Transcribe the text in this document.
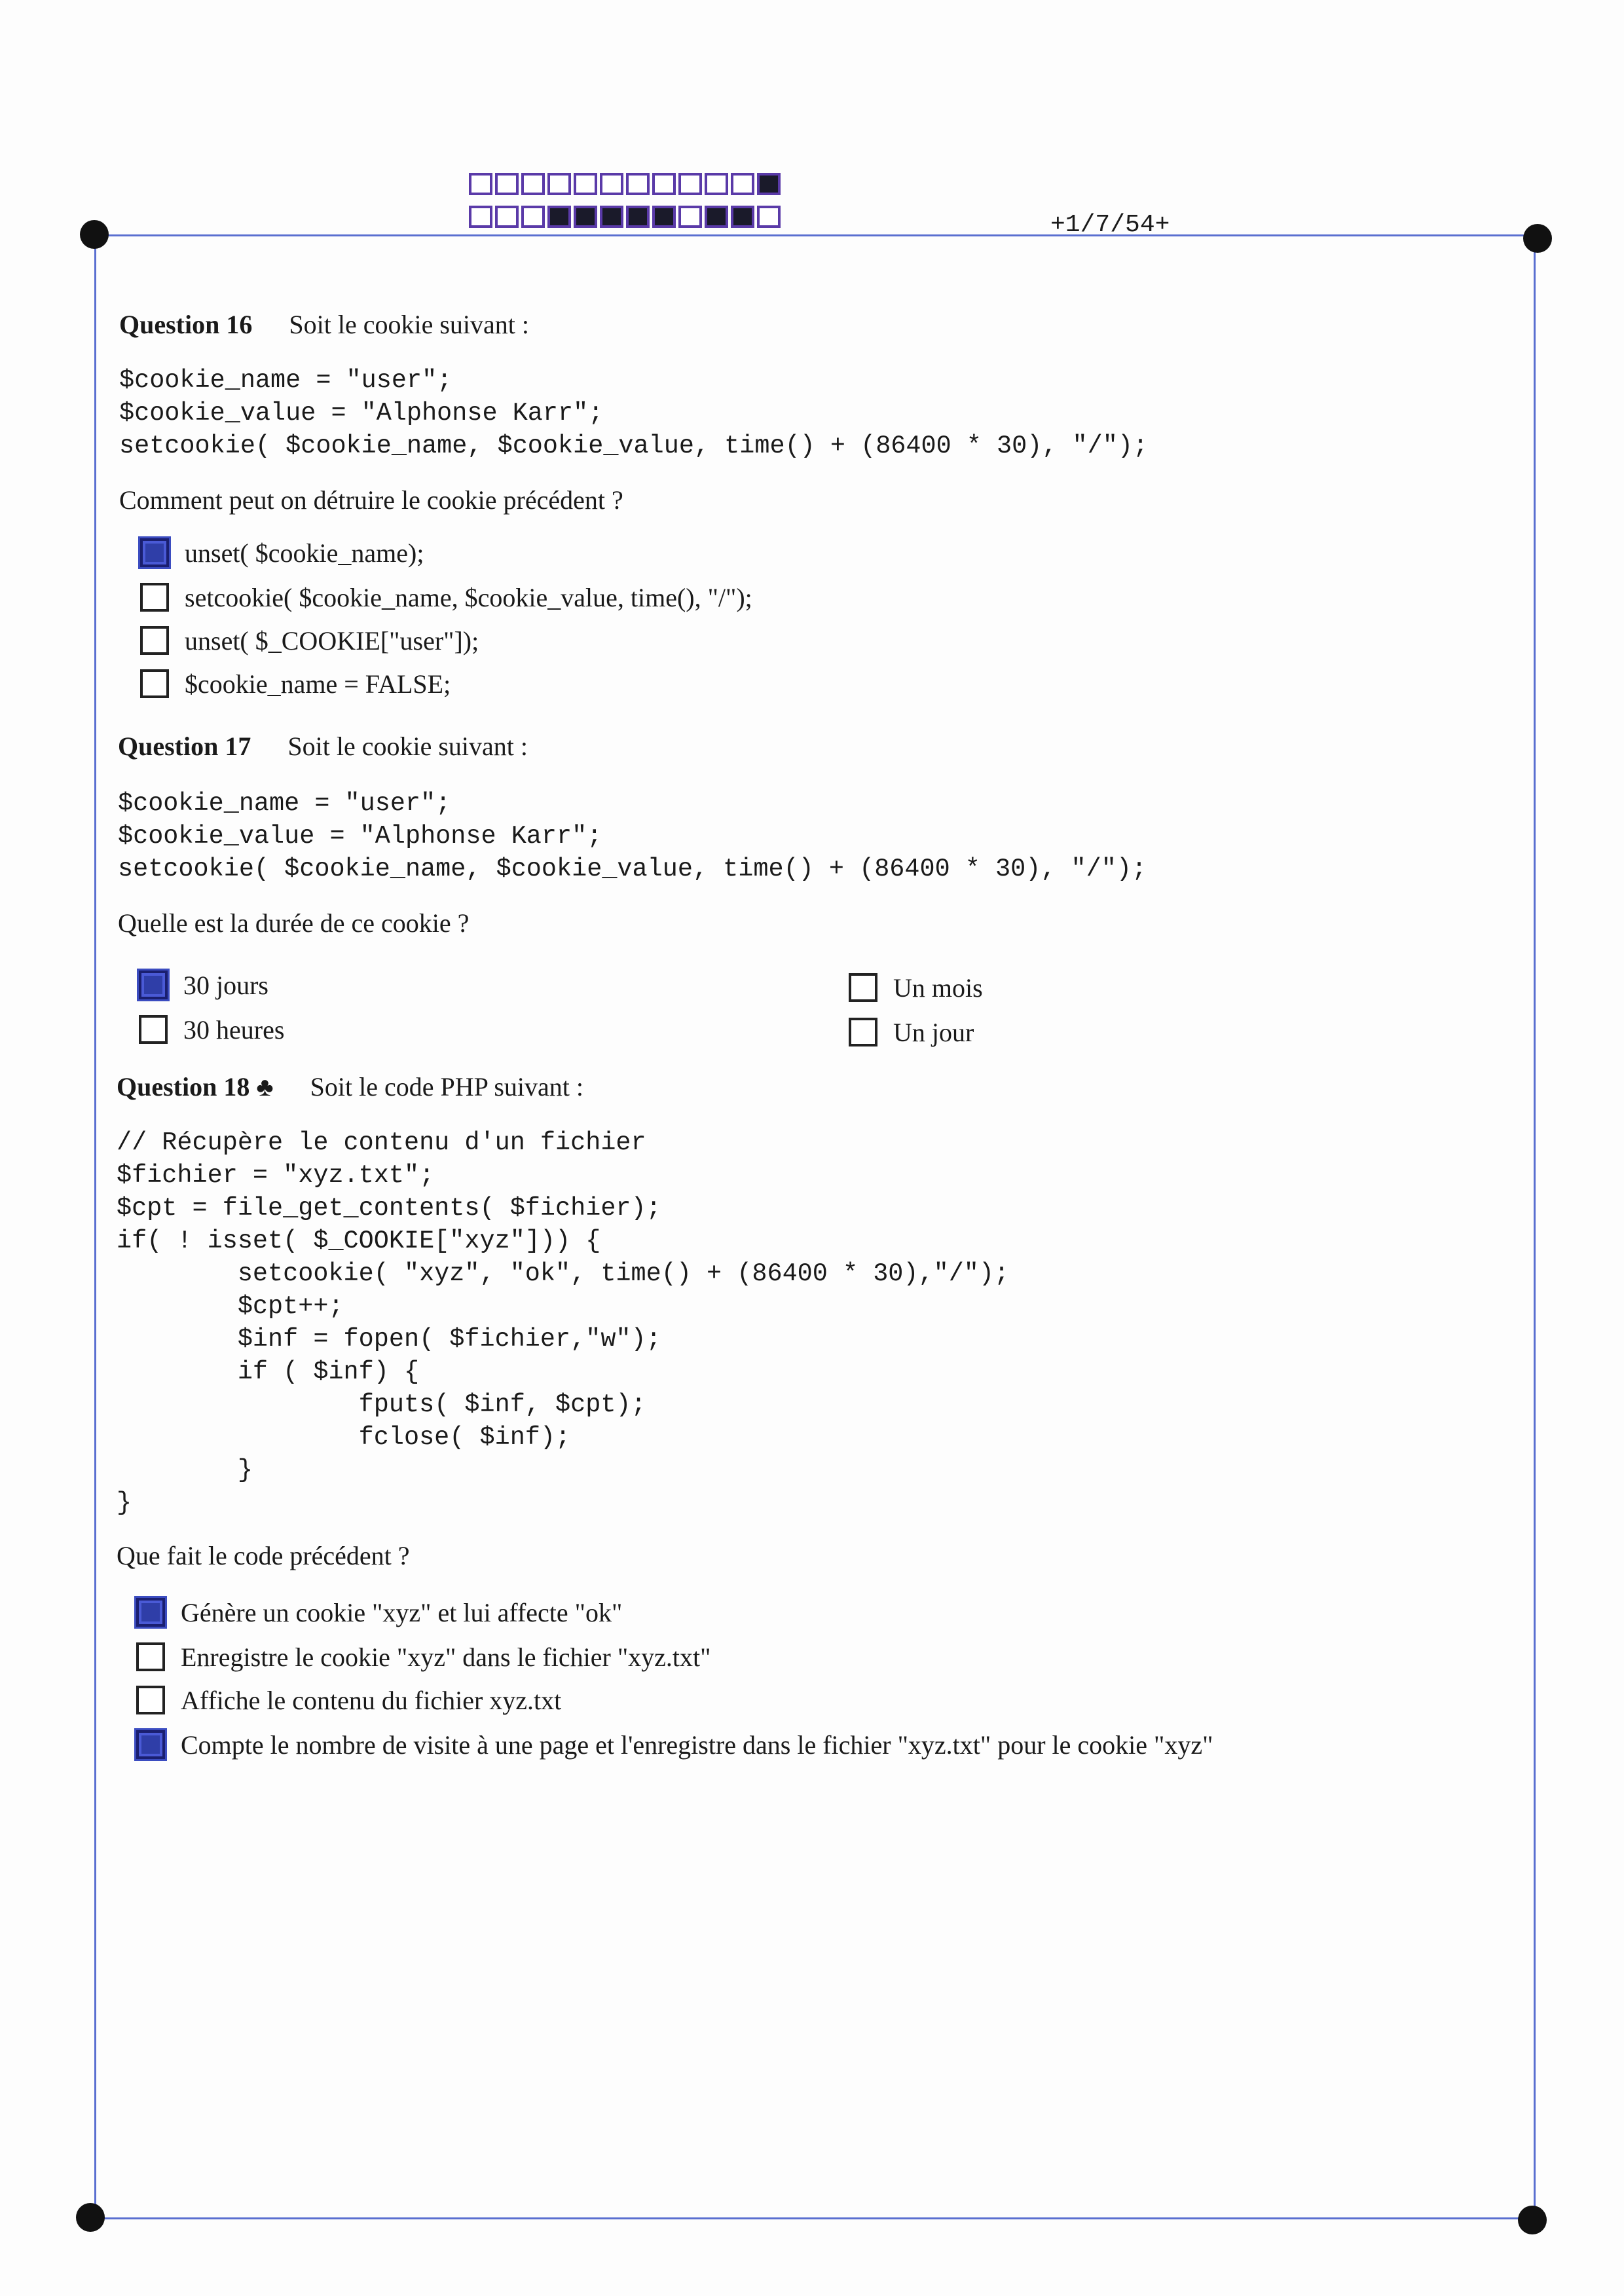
+1/7/54+
Question 16 Soit le cookie suivant :
$cookie_name = "user";
$cookie_value = "Alphonse Karr";
setcookie( $cookie_name, $cookie_value, time() + (86400 * 30), "/");
Comment peut on détruire le cookie précédent ?
unset( $cookie_name);
setcookie( $cookie_name, $cookie_value, time(), "/");
unset( $_COOKIE["user"]);
$cookie_name = FALSE;
Question 17 Soit le cookie suivant :
$cookie_name = "user";
$cookie_value = "Alphonse Karr";
setcookie( $cookie_name, $cookie_value, time() + (86400 * 30), "/");
Quelle est la durée de ce cookie ?
30 jours
30 heures
Un mois
Un jour
Question 18 ♣ Soit le code PHP suivant :
// Récupère le contenu d'un fichier
$fichier = "xyz.txt";
$cpt = file_get_contents( $fichier);
if( ! isset( $_COOKIE["xyz"])) {
setcookie( "xyz", "ok", time() + (86400 * 30),"/");
$cpt++;
$inf = fopen( $fichier,"w");
if ( $inf) {
fputs( $inf, $cpt);
fclose( $inf);
}
}
Que fait le code précédent ?
Génère un cookie "xyz" et lui affecte "ok"
Enregistre le cookie "xyz" dans le fichier "xyz.txt"
Affiche le contenu du fichier xyz.txt
Compte le nombre de visite à une page et l'enregistre dans le fichier "xyz.txt" pour le cookie "xyz"
